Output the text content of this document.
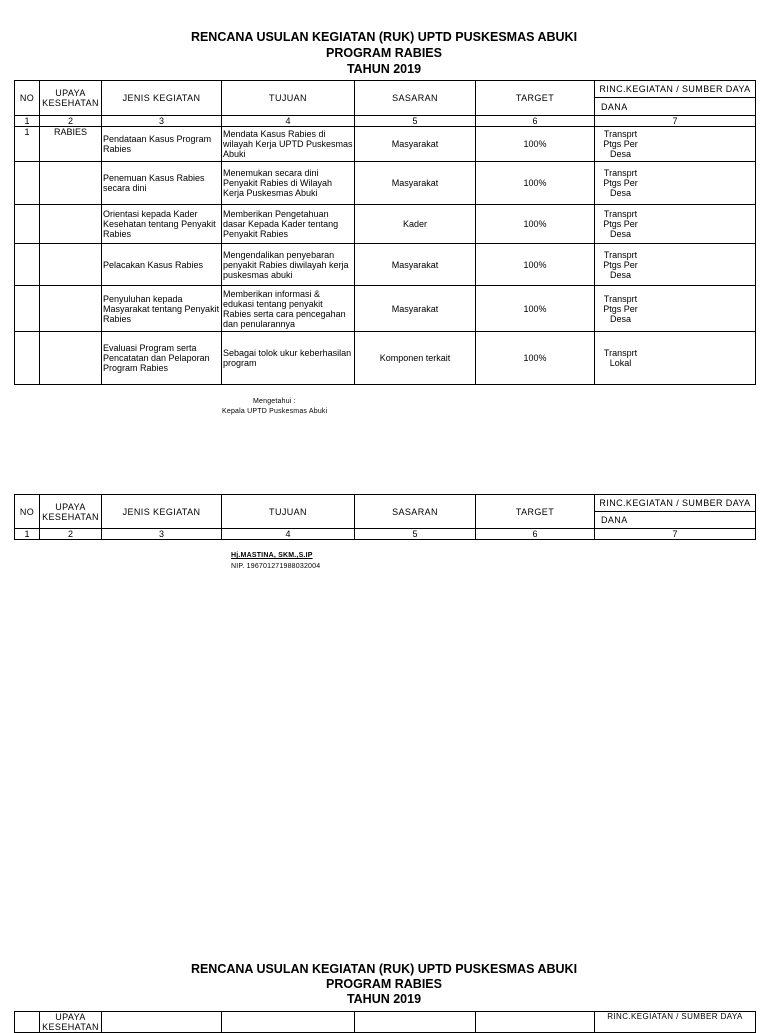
RENCANA USULAN KEGIATAN (RUK) UPTD PUSKESMAS ABUKI
PROGRAM RABIES
TAHUN 2019
NO	UPAYA KESEHATAN	JENIS KEGIATAN	TUJUAN	SASARAN	TARGET	RINC.KEGIATAN / SUMBER DAYA
						DANA
1	2	3	4	5	6	7
1	RABIES	Pendataan Kasus Program Rabies	Mendata Kasus Rabies di wilayah Kerja UPTD Puskesmas Abuki	Masyarakat	100%	Transprt Ptgs Per Desa
		Penemuan Kasus Rabies secara dini	Menemukan secara dini Penyakit Rabies di Wilayah Kerja Puskesmas Abuki	Masyarakat	100%	Transprt Ptgs Per Desa
		Orientasi kepada Kader Kesehatan tentang Penyakit Rabies	Memberikan Pengetahuan dasar Kepada Kader tentang Penyakit Rabies	Kader	100%	Transprt Ptgs Per Desa
		Pelacakan Kasus Rabies	Mengendalikan penyebaran penyakit Rabies diwilayah kerja puskesmas abuki	Masyarakat	100%	Transprt Ptgs Per Desa
		Penyuluhan kepada Masyarakat tentang Penyakit Rabies	Memberikan informasi & edukasi tentang penyakit Rabies serta cara pencegahan dan penularannya	Masyarakat	100%	Transprt Ptgs Per Desa
		Evaluasi Program serta Pencatatan dan Pelaporan Program Rabies	Sebagai tolok ukur keberhasilan program	Komponen terkait	100%	Transprt Lokal
Mengetahui :
Kepala UPTD Puskesmas Abuki
NO	UPAYA KESEHATAN	JENIS KEGIATAN	TUJUAN	SASARAN	TARGET	RINC.KEGIATAN / SUMBER DAYA
						DANA
1	2	3	4	5	6	7
Hj.MASTINA, SKM.,S.IP
NIP. 196701271988032004
RENCANA USULAN KEGIATAN (RUK) UPTD PUSKESMAS ABUKI
PROGRAM RABIES
TAHUN 2019
	UPAYA KESEHATAN					RINC.KEGIATAN / SUMBER DAYA
